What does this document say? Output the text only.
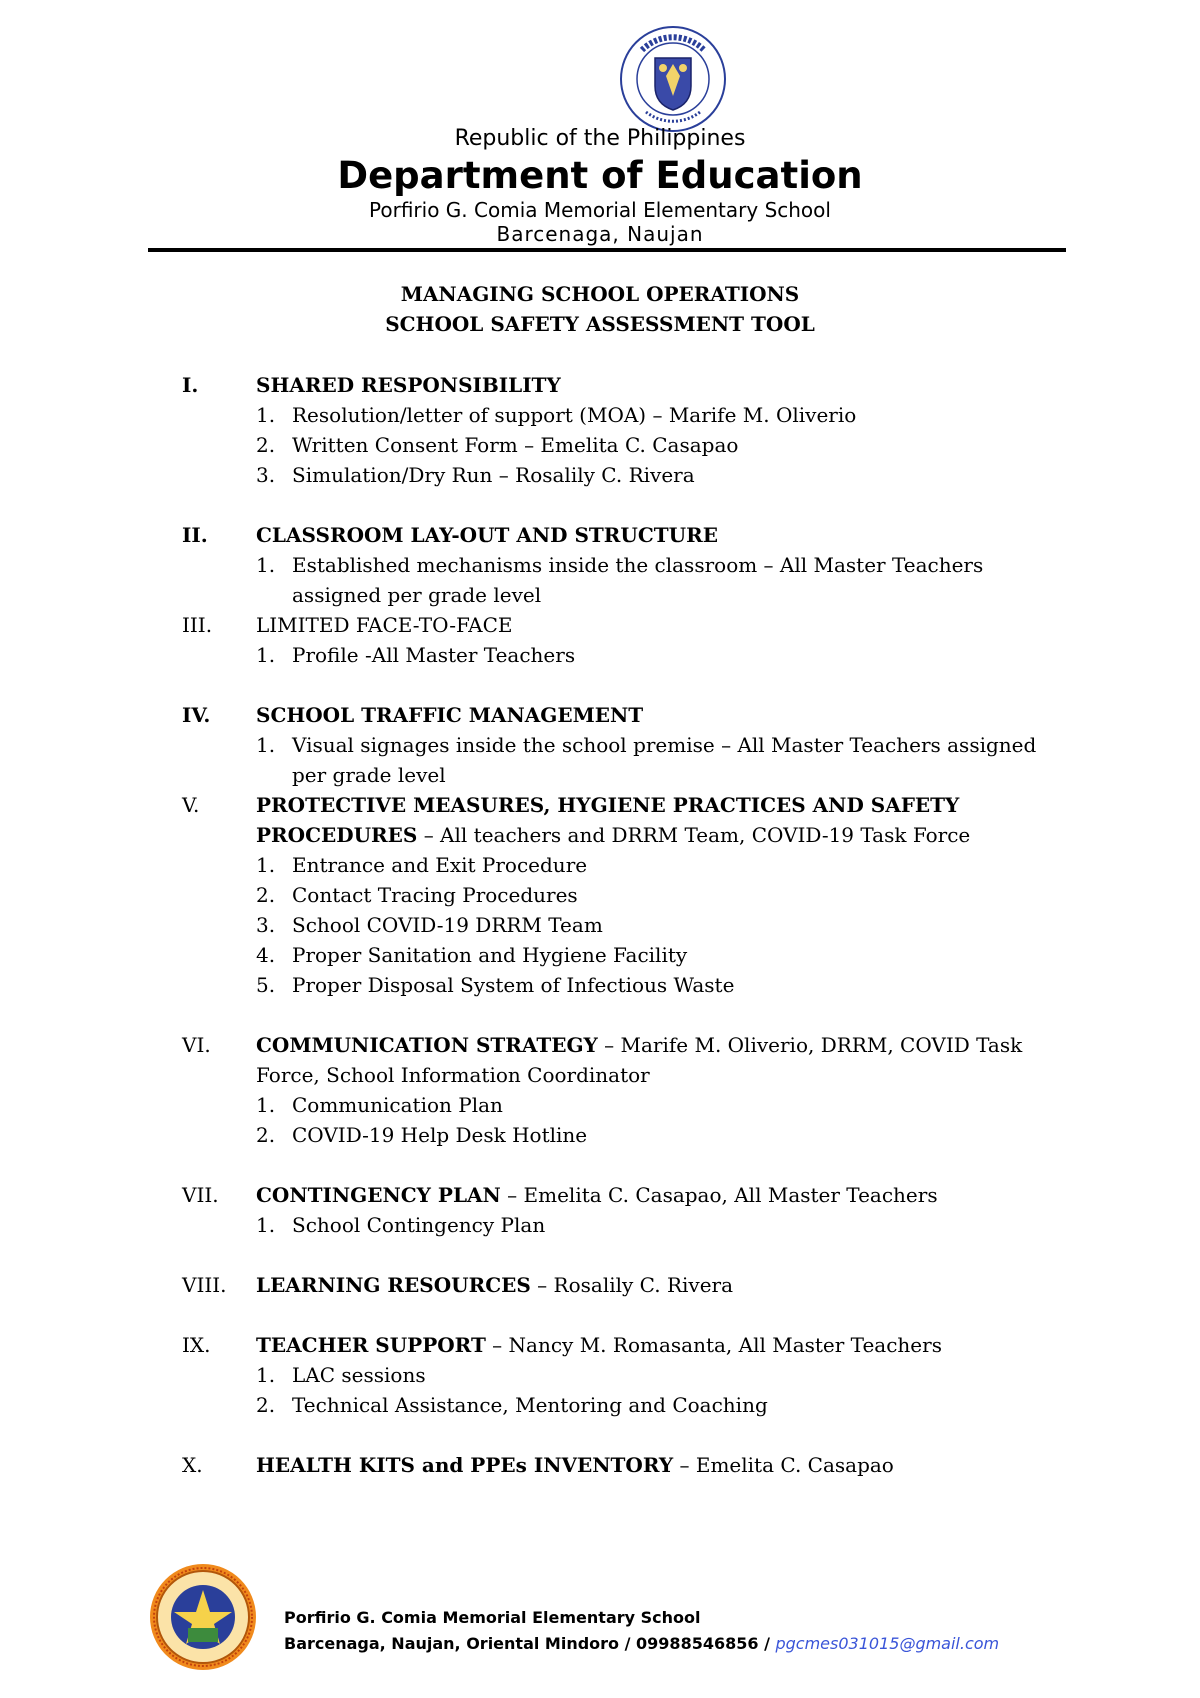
Republic of the Philippines
Department of Education
Porfirio G. Comia Memorial Elementary School
Barcenaga, Naujan
MANAGING SCHOOL OPERATIONS
SCHOOL SAFETY ASSESSMENT TOOL
I.	SHARED RESPONSIBILITY
1. Resolution/letter of support (MOA) – Marife M. Oliverio
2. Written Consent Form – Emelita C. Casapao
3. Simulation/Dry Run – Rosalily C. Rivera
II. CLASSROOM LAY-OUT AND STRUCTURE
1. Established mechanisms inside the classroom – All Master Teachers assigned per grade level
III. LIMITED FACE-TO-FACE
1. Profile -All Master Teachers
IV. SCHOOL TRAFFIC MANAGEMENT
1. Visual signages inside the school premise – All Master Teachers assigned per grade level
V.	PROTECTIVE MEASURES, HYGIENE PRACTICES AND SAFETY PROCEDURES – All teachers and DRRM Team, COVID-19 Task Force
1. Entrance and Exit Procedure
2. Contact Tracing Procedures
3. School COVID-19 DRRM Team
4. Proper Sanitation and Hygiene Facility
5. Proper Disposal System of Infectious Waste
VI. COMMUNICATION STRATEGY – Marife M. Oliverio, DRRM, COVID Task Force, School Information Coordinator
1. Communication Plan
2. COVID-19 Help Desk Hotline
VII. CONTINGENCY PLAN – Emelita C. Casapao, All Master Teachers
1. School Contingency Plan
VIII. LEARNING RESOURCES – Rosalily C. Rivera
IX. TEACHER SUPPORT – Nancy M. Romasanta, All Master Teachers
1. LAC sessions
2. Technical Assistance, Mentoring and Coaching
X.	HEALTH KITS and PPEs INVENTORY – Emelita C. Casapao
Porfirio G. Comia Memorial Elementary School
Barcenaga, Naujan, Oriental Mindoro / 09988546856 / pgcmes031015@gmail.com
